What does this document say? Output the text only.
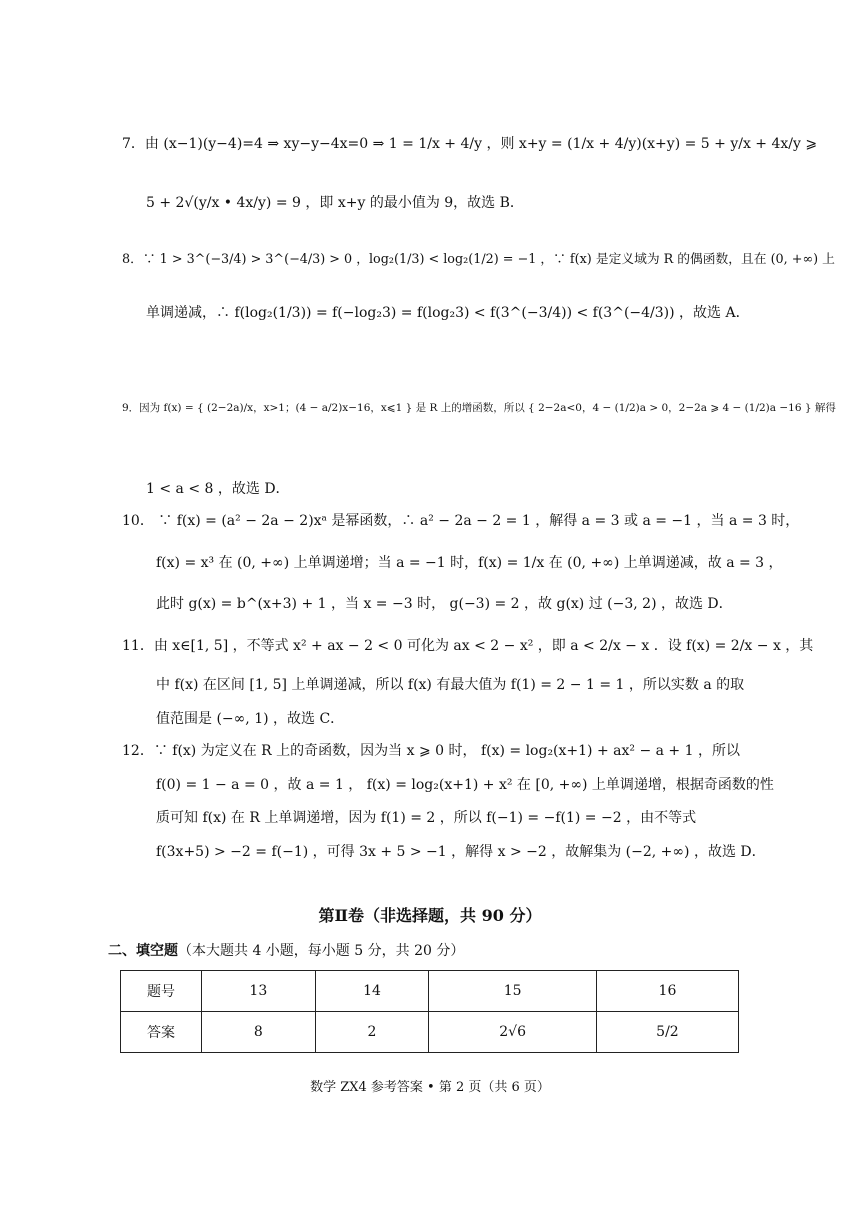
7．由 (x−1)(y−4)=4 ⇒ xy−y−4x=0 ⇒ 1 = 1/x + 4/y ，则 x+y = (1/x + 4/y)(x+y) = 5 + y/x + 4x/y ⩾
5 + 2√(y/x • 4x/y) = 9 ，即 x+y 的最小值为 9，故选 B．
8．∵ 1 > 3^(−3/4) > 3^(−4/3) > 0 ，log₂(1/3) < log₂(1/2) = −1 ，∵ f(x) 是定义域为 R 的偶函数，且在 (0, +∞) 上
单调递减，∴ f(log₂(1/3)) = f(−log₂3) = f(log₂3) < f(3^(−3/4)) < f(3^(−4/3)) ，故选 A．
9．因为 f(x) = { (2−2a)/x，x>1；(4 − a/2)x−16，x⩽1 } 是 R 上的增函数，所以 { 2−2a<0，4 − (1/2)a > 0，2−2a ⩾ 4 − (1/2)a −16 } 解得
1 < a < 8 ，故选 D．
10． ∵ f(x) = (a² − 2a − 2)xᵃ 是幂函数，∴ a² − 2a − 2 = 1 ，解得 a = 3 或 a = −1 ，当 a = 3 时，
f(x) = x³ 在 (0, +∞) 上单调递增；当 a = −1 时，f(x) = 1/x 在 (0, +∞) 上单调递减，故 a = 3 ，
此时 g(x) = b^(x+3) + 1 ，当 x = −3 时， g(−3) = 2 ，故 g(x) 过 (−3, 2) ，故选 D．
11．由 x∈[1, 5] ，不等式 x² + ax − 2 < 0 可化为 ax < 2 − x² ，即 a < 2/x − x ．设 f(x) = 2/x − x ，其
中 f(x) 在区间 [1, 5] 上单调递减，所以 f(x) 有最大值为 f(1) = 2 − 1 = 1 ，所以实数 a 的取
值范围是 (−∞, 1) ，故选 C．
12．∵ f(x) 为定义在 R 上的奇函数，因为当 x ⩾ 0 时， f(x) = log₂(x+1) + ax² − a + 1 ，所以
f(0) = 1 − a = 0 ，故 a = 1 ， f(x) = log₂(x+1) + x² 在 [0, +∞) 上单调递增，根据奇函数的性
质可知 f(x) 在 R 上单调递增，因为 f(1) = 2 ，所以 f(−1) = −f(1) = −2 ，由不等式
f(3x+5) > −2 = f(−1) ，可得 3x + 5 > −1 ，解得 x > −2 ，故解集为 (−2, +∞) ，故选 D．
第Ⅱ卷（非选择题，共 90 分）
二、填空题（本大题共 4 小题，每小题 5 分，共 20 分）
题号	13	14	15	16
答案	8	2	2√6	5/2
数学 ZX4 参考答案 • 第 2 页（共 6 页）
